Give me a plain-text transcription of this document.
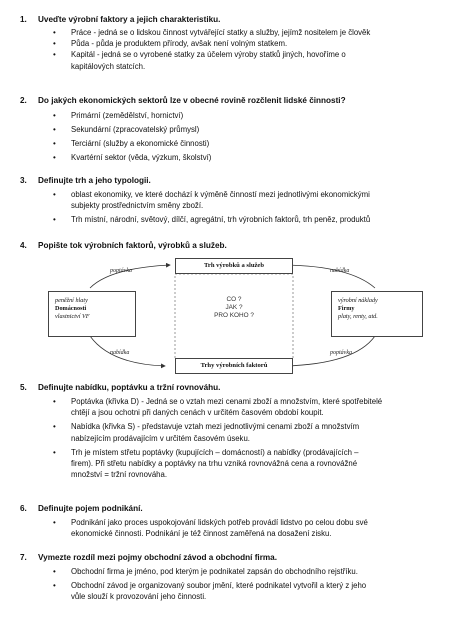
1.	Uveďte výrobní faktory a jejich charakteristiku.
• Práce - jedná se o lidskou činnost vytvářející statky a služby, jejímž nositelem je člověk
• Půda - půda je produktem přírody, avšak není volným statkem.
• Kapitál - jedná se o vyrobené statky za účelem výroby statků jiných, hovoříme o
kapitálových statcích.
2.	Do jakých ekonomických sektorů lze v obecné rovině rozčlenit lidské činnosti?
• Primární (zemědělství, hornictví)
• Sekundární (zpracovatelský průmysl)
• Terciární (služby a ekonomické činnosti)
• Kvartérní sektor (věda, výzkum, školství)
3.	Definujte trh a jeho typologii.
• oblast ekonomiky, ve které dochází k výměně činností mezi jednotlivými ekonomickými
subjekty prostřednictvím směny zboží.
• Trh místní, národní, světový, dílčí, agregátní, trh výrobních faktorů, trh peněz, produktů
4.	Popište tok výrobních faktorů, výrobků a služeb.
Trh výrobků a služeb
Trhy výrobních faktorů
peněžní hlaty
Domácnosti
vlastnictví VF
výrobní náklady
Firmy
platy, renty, atd.
CO ?
JAK ?
PRO KOHO ?
poptávka	nabídka
nabídka	poptávka
5.	Definujte nabídku, poptávku a tržní rovnováhu.
• Poptávka (křivka D) - Jedná se o vztah mezi cenami zboží a množstvím, které spotřebitelé
chtějí a jsou ochotni při daných cenách v určitém časovém období koupit.
• Nabídka (křivka S) - představuje vztah mezi jednotlivými cenami zboží a množstvím
nabízejícím prodávajícím v určitém časovém úseku.
• Trh je místem střetu poptávky (kupujících – domácností) a nabídky (prodávajících –
firem). Při střetu nabídky a poptávky na trhu vzniká rovnovážná cena a rovnovážné
množství = tržní rovnováha.
6.	Definujte pojem podnikání.
• Podnikání jako proces uspokojování lidských potřeb provádí lidstvo po celou dobu své
ekonomické činnosti. Podnikání je též činnost zaměřená na dosažení zisku.
7.	Vymezte rozdíl mezi pojmy obchodní závod a obchodní firma.
• Obchodní firma je jméno, pod kterým je podnikatel zapsán do obchodního rejstříku.
• Obchodní závod je organizovaný soubor jmění, které podnikatel vytvořil a který z jeho
vůle slouží k provozování jeho činnosti.
